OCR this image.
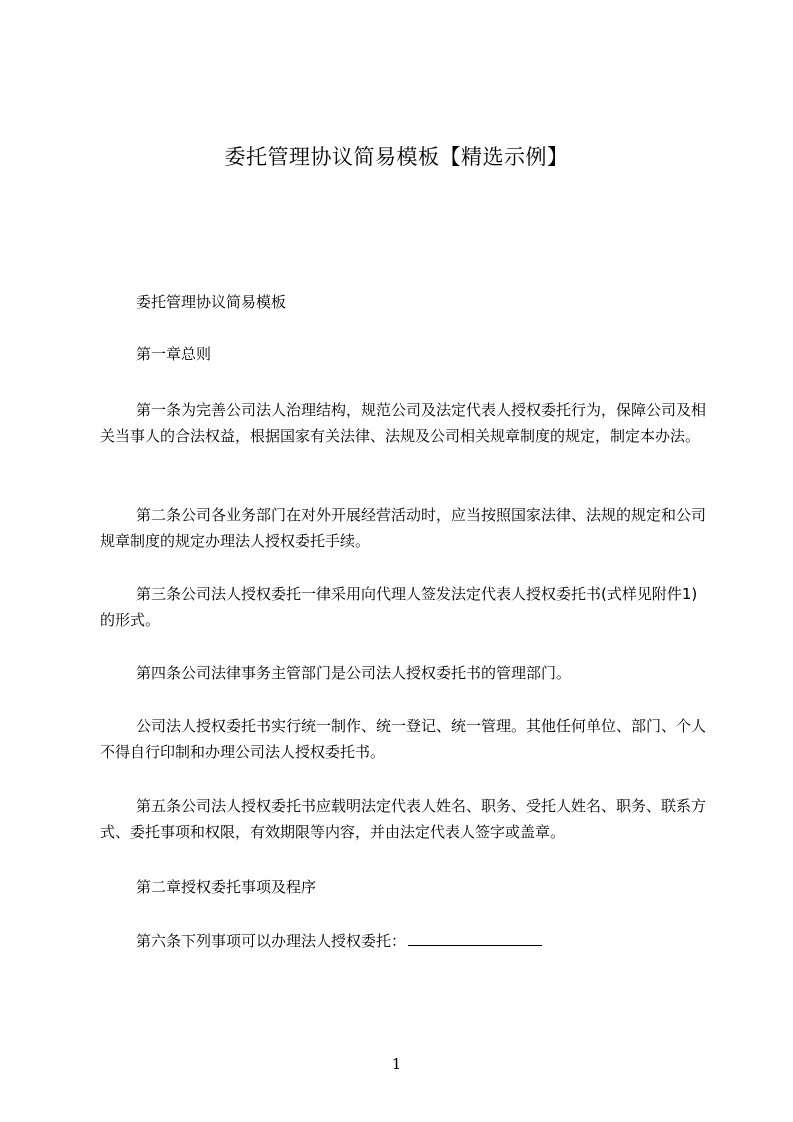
委托管理协议简易模板【精选示例】

委托管理协议简易模板

第一章总则

第一条为完善公司法人治理结构，规范公司及法定代表人授权委托行为，保障公司及相关当事人的合法权益，根据国家有关法律、法规及公司相关规章制度的规定，制定本办法。

第二条公司各业务部门在对外开展经营活动时，应当按照国家法律、法规的规定和公司规章制度的规定办理法人授权委托手续。

第三条公司法人授权委托一律采用向代理人签发法定代表人授权委托书(式样见附件1)的形式。

第四条公司法律事务主管部门是公司法人授权委托书的管理部门。

公司法人授权委托书实行统一制作、统一登记、统一管理。其他任何单位、部门、个人不得自行印制和办理公司法人授权委托书。

第五条公司法人授权委托书应载明法定代表人姓名、职务、受托人姓名、职务、联系方式、委托事项和权限，有效期限等内容，并由法定代表人签字或盖章。

第二章授权委托事项及程序

第六条下列事项可以办理法人授权委托：

1
